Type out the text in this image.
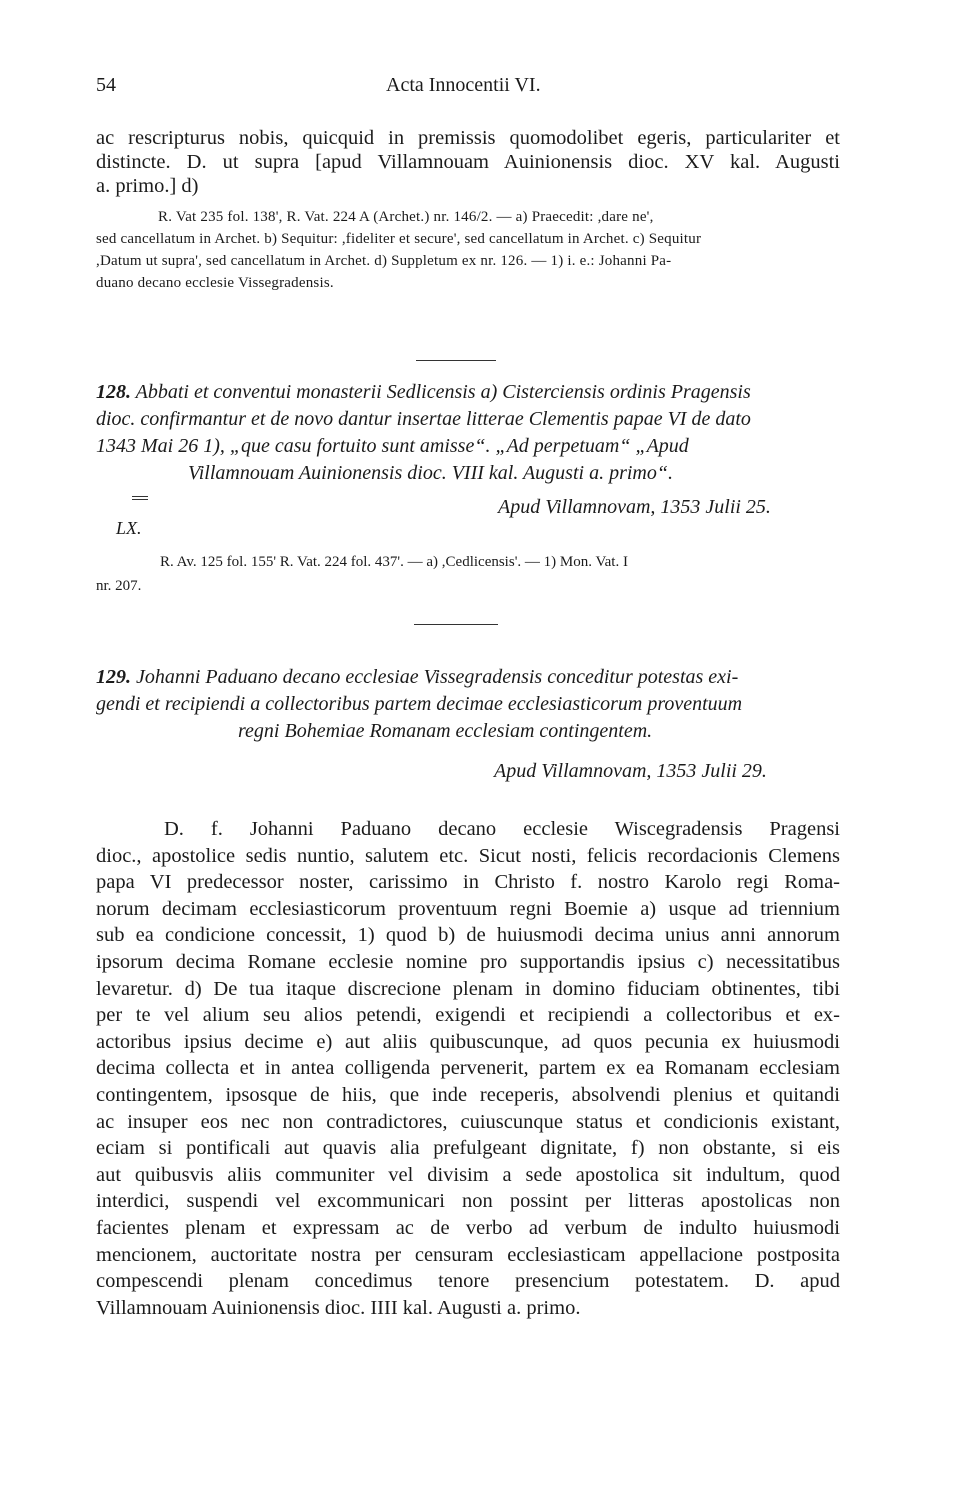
54	Acta Innocentii VI.
ac rescripturus nobis, quicquid in premissis quomodolibet egeris, particulariter et
distincte. D. ut supra [apud Villamnouam Auinionensis dioc. XV kal. Augusti
a. primo.] d)
R. Vat 235 fol. 138', R. Vat. 224 A (Archet.) nr. 146/2. — a) Praecedit: ,dare ne',
sed cancellatum in Archet. b) Sequitur: ,fideliter et secure', sed cancellatum in Archet. c) Sequitur
,Datum ut supra', sed cancellatum in Archet. d) Suppletum ex nr. 126. — 1) i. e.: Johanni Pa-
duano decano ecclesie Vissegradensis.
128. Abbati et conventui monasterii Sedlicensis a) Cisterciensis ordinis Pragensis
dioc. confirmantur et de novo dantur insertae litterae Clementis papae VI de dato
1343 Mai 26 1), „que casu fortuito sunt amisse“. „Ad perpetuam“ „Apud
Villamnouam Auinionensis dioc. VIII kal. Augusti a. primo“.
Apud Villamnovam, 1353 Julii 25.
LX.
R. Av. 125 fol. 155' R. Vat. 224 fol. 437'. — a) ,Cedlicensis'. — 1) Mon. Vat. I
nr. 207.
129. Johanni Paduano decano ecclesiae Vissegradensis conceditur potestas exi-
gendi et recipiendi a collectoribus partem decimae ecclesiasticorum proventuum
regni Bohemiae Romanam ecclesiam contingentem.
Apud Villamnovam, 1353 Julii 29.
D. f. Johanni Paduano decano ecclesie Wiscegradensis Pragensi
dioc., apostolice sedis nuntio, salutem etc. Sicut nosti, felicis recordacionis Clemens
papa VI predecessor noster, carissimo in Christo f. nostro Karolo regi Roma-
norum decimam ecclesiasticorum proventuum regni Boemie a) usque ad triennium
sub ea condicione concessit, 1) quod b) de huiusmodi decima unius anni annorum
ipsorum decima Romane ecclesie nomine pro supportandis ipsius c) necessitatibus
levaretur. d) De tua itaque discrecione plenam in domino fiduciam obtinentes, tibi
per te vel alium seu alios petendi, exigendi et recipiendi a collectoribus et ex-
actoribus ipsius decime e) aut aliis quibuscunque, ad quos pecunia ex huiusmodi
decima collecta et in antea colligenda pervenerit, partem ex ea Romanam ecclesiam
contingentem, ipsosque de hiis, que inde receperis, absolvendi plenius et quitandi
ac insuper eos nec non contradictores, cuiuscunque status et condicionis existant,
eciam si pontificali aut quavis alia prefulgeant dignitate, f) non obstante, si eis
aut quibusvis aliis communiter vel divisim a sede apostolica sit indultum, quod
interdici, suspendi vel excommunicari non possint per litteras apostolicas non
facientes plenam et expressam ac de verbo ad verbum de indulto huiusmodi
mencionem, auctoritate nostra per censuram ecclesiasticam appellacione postposita
compescendi plenam concedimus tenore presencium potestatem. D. apud
Villamnouam Auinionensis dioc. IIII kal. Augusti a. primo.
